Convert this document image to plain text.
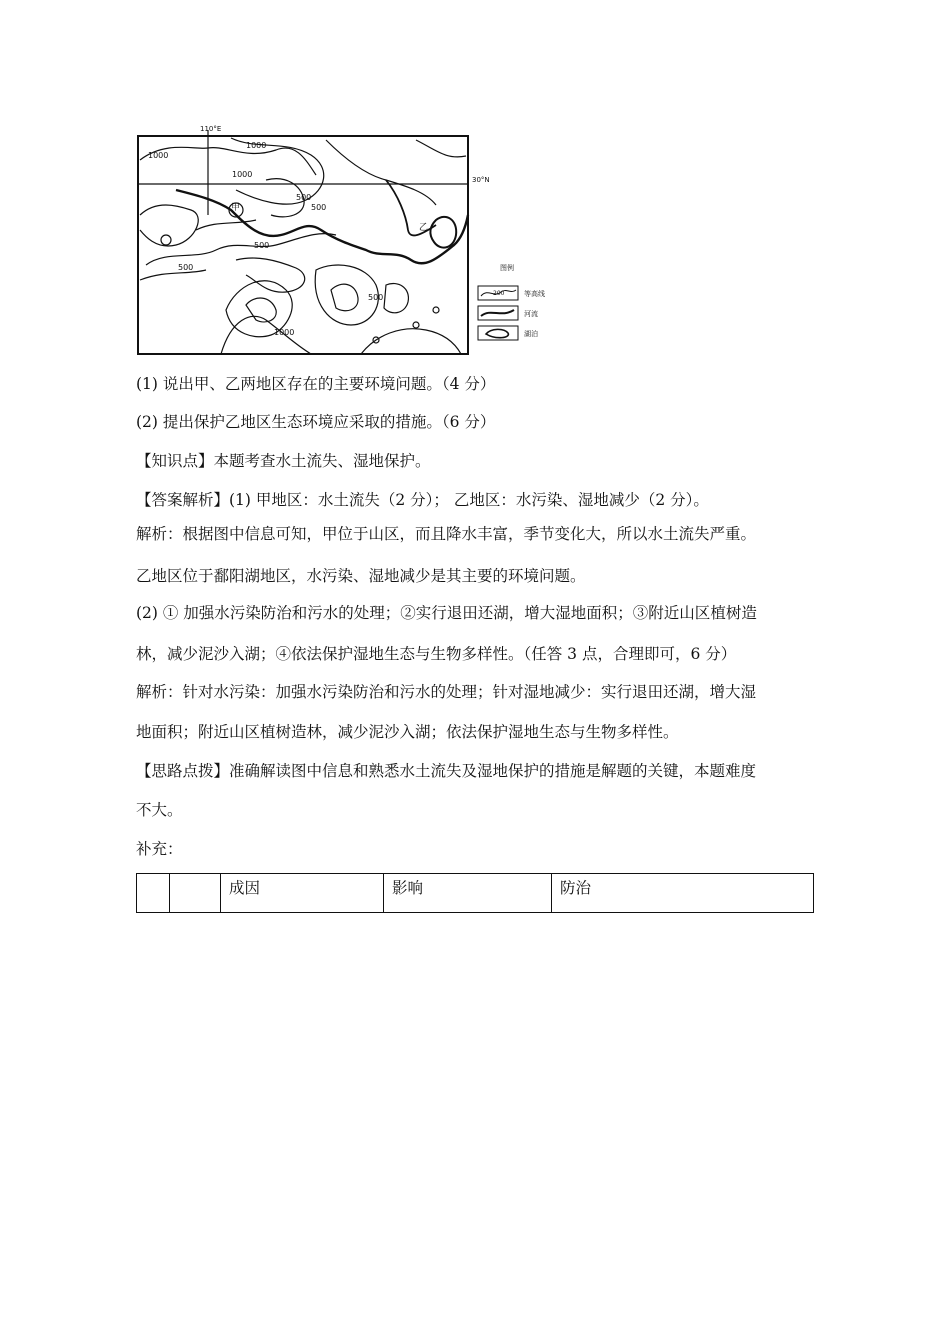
110°E
30°N
1000
1000
1000
500
500
500
500
1000
500
甲
乙
图例
200	等高线
河流
湖泊
(1) 说出甲、乙两地区存在的主要环境问题。（4 分）
(2) 提出保护乙地区生态环境应采取的措施。（6 分）
【知识点】本题考查水土流失、湿地保护。
【答案解析】(1) 甲地区：水土流失（2 分）； 乙地区：水污染、湿地减少（2 分）。
解析：根据图中信息可知，甲位于山区，而且降水丰富，季节变化大，所以水土流失严重。
乙地区位于鄱阳湖地区，水污染、湿地减少是其主要的环境问题。
(2) ① 加强水污染防治和污水的处理；②实行退田还湖，增大湿地面积；③附近山区植树造
林，减少泥沙入湖；④依法保护湿地生态与生物多样性。（任答 3 点，合理即可，6 分）
解析：针对水污染：加强水污染防治和污水的处理；针对湿地减少：实行退田还湖，增大湿
地面积；附近山区植树造林，减少泥沙入湖；依法保护湿地生态与生物多样性。
【思路点拨】准确解读图中信息和熟悉水土流失及湿地保护的措施是解题的关键，本题难度
不大。
补充：
		成因	影响	防治
